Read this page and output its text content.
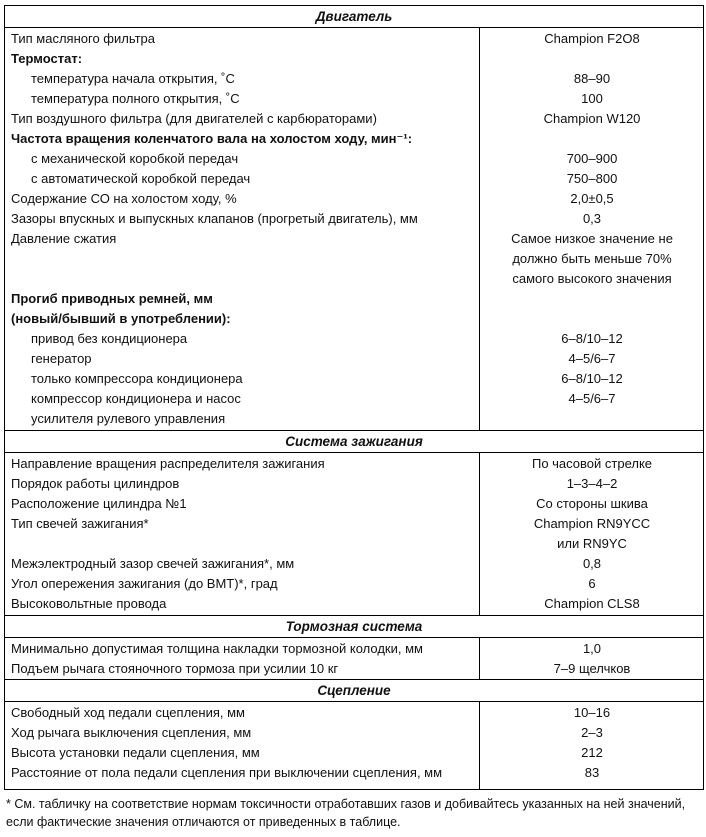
Двигатель
Тип масляного фильтра	Champion F2O8
Термостат:
температура начала открытия, ˚С	88–90
температура полного открытия, ˚С	100
Тип воздушного фильтра (для двигателей с карбюраторами)	Champion W120
Частота вращения коленчатого вала на холостом ходу, мин⁻¹:
с механической коробкой передач	700–900
с автоматической коробкой передач	750–800
Содержание СО на холостом ходу, %	2,0±0,5
Зазоры впускных и выпускных клапанов (прогретый двигатель), мм	0,3
Давление сжатия	Самое низкое значение не
должно быть меньше 70%
самого высокого значения
Прогиб приводных ремней, мм
(новый/бывший в употреблении):
привод без кондиционера	6–8/10–12
генератор	4–5/6–7
только компрессора кондиционера	6–8/10–12
компрессор кондиционера и насос	4–5/6–7
усилителя рулевого управления
Система зажигания
Направление вращения распределителя зажигания	По часовой стрелке
Порядок работы цилиндров	1–3–4–2
Расположение цилиндра №1	Со стороны шкива
Тип свечей зажигания*	Champion RN9YCC
или RN9YC
Межэлектродный зазор свечей зажигания*, мм	0,8
Угол опережения зажигания (до ВМТ)*, град	6
Высоковольтные провода	Champion CLS8
Тормозная система
Минимально допустимая толщина накладки тормозной колодки, мм	1,0
Подъем рычага стояночного тормоза при усилии 10 кг	7–9 щелчков
Сцепление
Свободный ход педали сцепления, мм	10–16
Ход рычага выключения сцепления, мм	2–3
Высота установки педали сцепления, мм	212
Расстояние от пола педали сцепления при выключении сцепления, мм	83

* См. табличку на соответствие нормам токсичности отработавших газов и добивайтесь указанных на ней значений,
если фактические значения отличаются от приведенных в таблице.
